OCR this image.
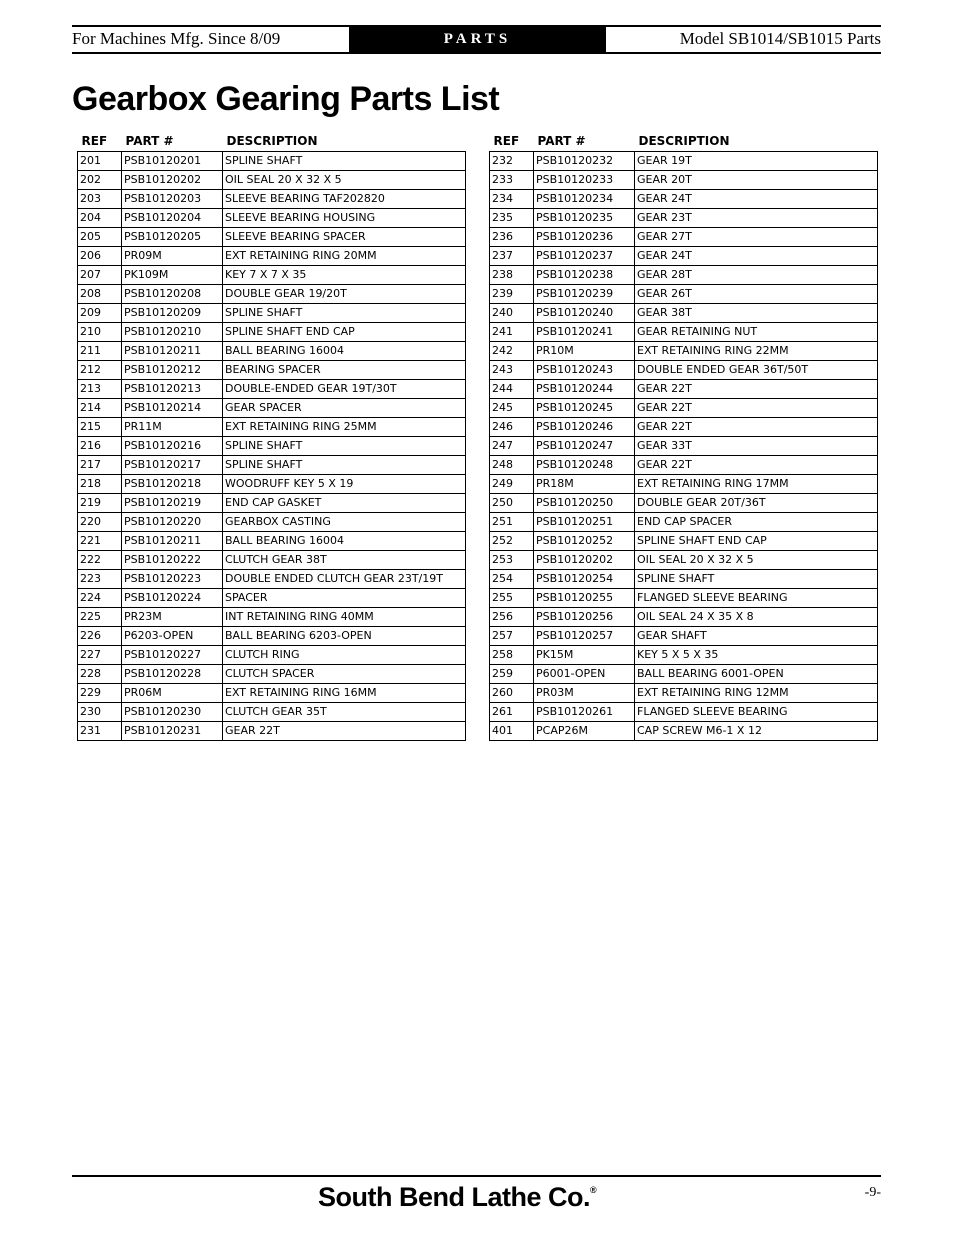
For Machines Mfg. Since 8/09	PARTS	Model SB1014/SB1015 Parts
Gearbox Gearing Parts List
REF	PART #	DESCRIPTION
201	PSB10120201	SPLINE SHAFT
202	PSB10120202	OIL SEAL 20 X 32 X 5
203	PSB10120203	SLEEVE BEARING TAF202820
204	PSB10120204	SLEEVE BEARING HOUSING
205	PSB10120205	SLEEVE BEARING SPACER
206	PR09M	EXT RETAINING RING 20MM
207	PK109M	KEY 7 X 7 X 35
208	PSB10120208	DOUBLE GEAR 19/20T
209	PSB10120209	SPLINE SHAFT
210	PSB10120210	SPLINE SHAFT END CAP
211	PSB10120211	BALL BEARING 16004
212	PSB10120212	BEARING SPACER
213	PSB10120213	DOUBLE-ENDED GEAR 19T/30T
214	PSB10120214	GEAR SPACER
215	PR11M	EXT RETAINING RING 25MM
216	PSB10120216	SPLINE SHAFT
217	PSB10120217	SPLINE SHAFT
218	PSB10120218	WOODRUFF KEY 5 X 19
219	PSB10120219	END CAP GASKET
220	PSB10120220	GEARBOX CASTING
221	PSB10120211	BALL BEARING 16004
222	PSB10120222	CLUTCH GEAR 38T
223	PSB10120223	DOUBLE ENDED CLUTCH GEAR 23T/19T
224	PSB10120224	SPACER
225	PR23M	INT RETAINING RING 40MM
226	P6203-OPEN	BALL BEARING 6203-OPEN
227	PSB10120227	CLUTCH RING
228	PSB10120228	CLUTCH SPACER
229	PR06M	EXT RETAINING RING 16MM
230	PSB10120230	CLUTCH GEAR 35T
231	PSB10120231	GEAR 22T
REF	PART #	DESCRIPTION
232	PSB10120232	GEAR 19T
233	PSB10120233	GEAR 20T
234	PSB10120234	GEAR 24T
235	PSB10120235	GEAR 23T
236	PSB10120236	GEAR 27T
237	PSB10120237	GEAR 24T
238	PSB10120238	GEAR 28T
239	PSB10120239	GEAR 26T
240	PSB10120240	GEAR 38T
241	PSB10120241	GEAR RETAINING NUT
242	PR10M	EXT RETAINING RING 22MM
243	PSB10120243	DOUBLE ENDED GEAR 36T/50T
244	PSB10120244	GEAR 22T
245	PSB10120245	GEAR 22T
246	PSB10120246	GEAR 22T
247	PSB10120247	GEAR 33T
248	PSB10120248	GEAR 22T
249	PR18M	EXT RETAINING RING 17MM
250	PSB10120250	DOUBLE GEAR 20T/36T
251	PSB10120251	END CAP SPACER
252	PSB10120252	SPLINE SHAFT END CAP
253	PSB10120202	OIL SEAL 20 X 32 X 5
254	PSB10120254	SPLINE SHAFT
255	PSB10120255	FLANGED SLEEVE BEARING
256	PSB10120256	OIL SEAL 24 X 35 X 8
257	PSB10120257	GEAR SHAFT
258	PK15M	KEY 5 X 5 X 35
259	P6001-OPEN	BALL BEARING 6001-OPEN
260	PR03M	EXT RETAINING RING 12MM
261	PSB10120261	FLANGED SLEEVE BEARING
401	PCAP26M	CAP SCREW M6-1 X 12
South Bend Lathe Co.®	-9-
